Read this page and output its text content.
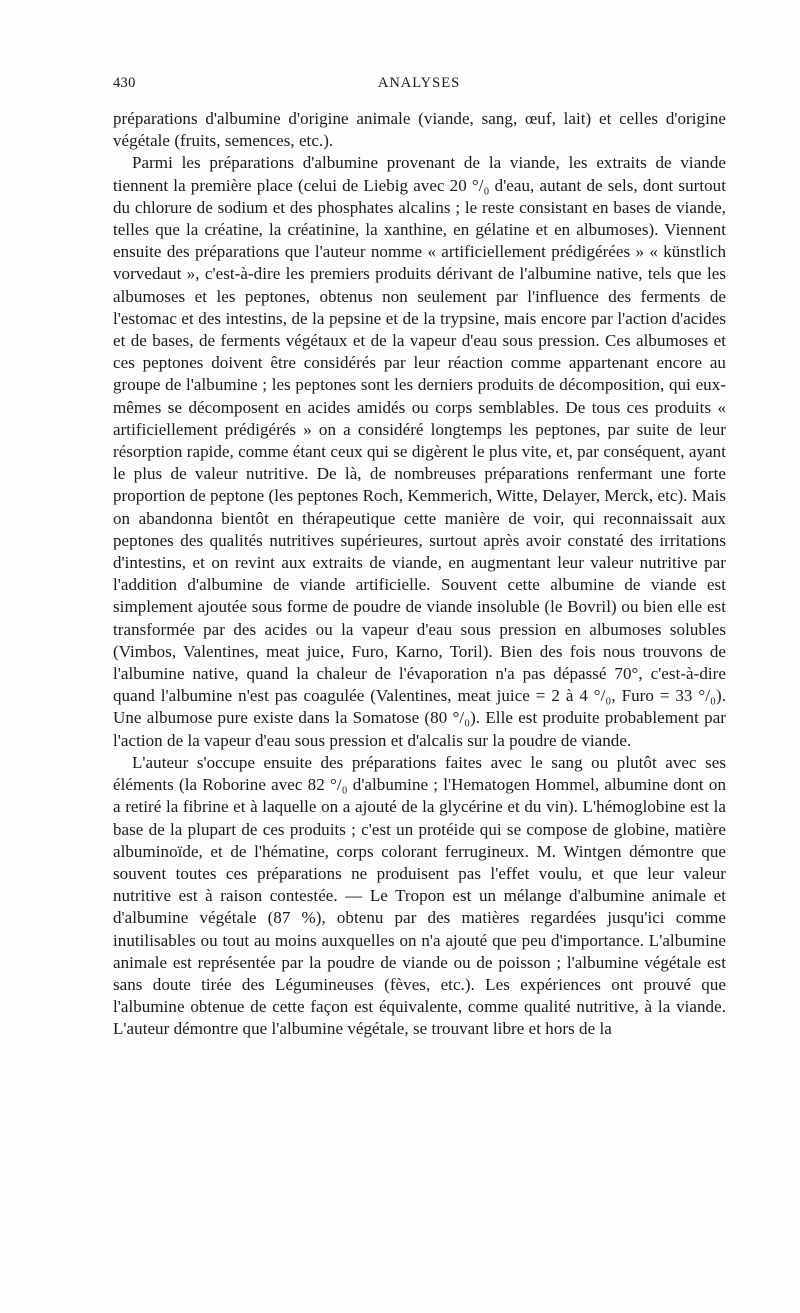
430	ANALYSES

préparations d'albumine d'origine animale (viande, sang, œuf, lait) et celles d'origine végétale (fruits, semences, etc.).

Parmi les préparations d'albumine provenant de la viande, les extraits de viande tiennent la première place (celui de Liebig avec 20 °/₀ d'eau, autant de sels, dont surtout du chlorure de sodium et des phosphates alcalins ; le reste consistant en bases de viande, telles que la créatine, la créatinine, la xanthine, en gélatine et en albumoses). Viennent ensuite des préparations que l'auteur nomme « artificiellement prédigérées » « künstlich vorvedaut », c'est-à-dire les premiers produits dérivant de l'albumine native, tels que les albumoses et les peptones, obtenus non seulement par l'influence des ferments de l'estomac et des intestins, de la pepsine et de la trypsine, mais encore par l'action d'acides et de bases, de ferments végétaux et de la vapeur d'eau sous pression. Ces albumoses et ces peptones doivent être considérés par leur réaction comme appartenant encore au groupe de l'albumine ; les peptones sont les derniers produits de décomposition, qui eux-mêmes se décomposent en acides amidés ou corps semblables. De tous ces produits « artificiellement prédigérés » on a considéré longtemps les peptones, par suite de leur résorption rapide, comme étant ceux qui se digèrent le plus vite, et, par conséquent, ayant le plus de valeur nutritive. De là, de nombreuses préparations renfermant une forte proportion de peptone (les peptones Roch, Kemmerich, Witte, Delayer, Merck, etc). Mais on abandonna bientôt en thérapeutique cette manière de voir, qui reconnaissait aux peptones des qualités nutritives supérieures, surtout après avoir constaté des irritations d'intestins, et on revint aux extraits de viande, en augmentant leur valeur nutritive par l'addition d'albumine de viande artificielle. Souvent cette albumine de viande est simplement ajoutée sous forme de poudre de viande insoluble (le Bovril) ou bien elle est transformée par des acides ou la vapeur d'eau sous pression en albumoses solubles (Vimbos, Valentines, meat juice, Furo, Karno, Toril). Bien des fois nous trouvons de l'albumine native, quand la chaleur de l'évaporation n'a pas dépassé 70°, c'est-à-dire quand l'albumine n'est pas coagulée (Valentines, meat juice = 2 à 4 °/₀, Furo = 33 °/₀). Une albumose pure existe dans la Somatose (80 °/₀). Elle est produite probablement par l'action de la vapeur d'eau sous pression et d'alcalis sur la poudre de viande.

L'auteur s'occupe ensuite des préparations faites avec le sang ou plutôt avec ses éléments (la Roborine avec 82 °/₀ d'albumine ; l'Hematogen Hommel, albumine dont on a retiré la fibrine et à laquelle on a ajouté de la glycérine et du vin). L'hémoglobine est la base de la plupart de ces produits ; c'est un protéide qui se compose de globine, matière albuminoïde, et de l'hématine, corps colorant ferrugineux. M. Wintgen démontre que souvent toutes ces préparations ne produisent pas l'effet voulu, et que leur valeur nutritive est à raison contestée. — Le Tropon est un mélange d'albumine animale et d'albumine végétale (87 %), obtenu par des matières regardées jusqu'ici comme inutilisables ou tout au moins auxquelles on n'a ajouté que peu d'importance. L'albumine animale est représentée par la poudre de viande ou de poisson ; l'albumine végétale est sans doute tirée des Légumineuses (fèves, etc.). Les expériences ont prouvé que l'albumine obtenue de cette façon est équivalente, comme qualité nutritive, à la viande. L'auteur démontre que l'albumine végétale, se trouvant libre et hors de la
